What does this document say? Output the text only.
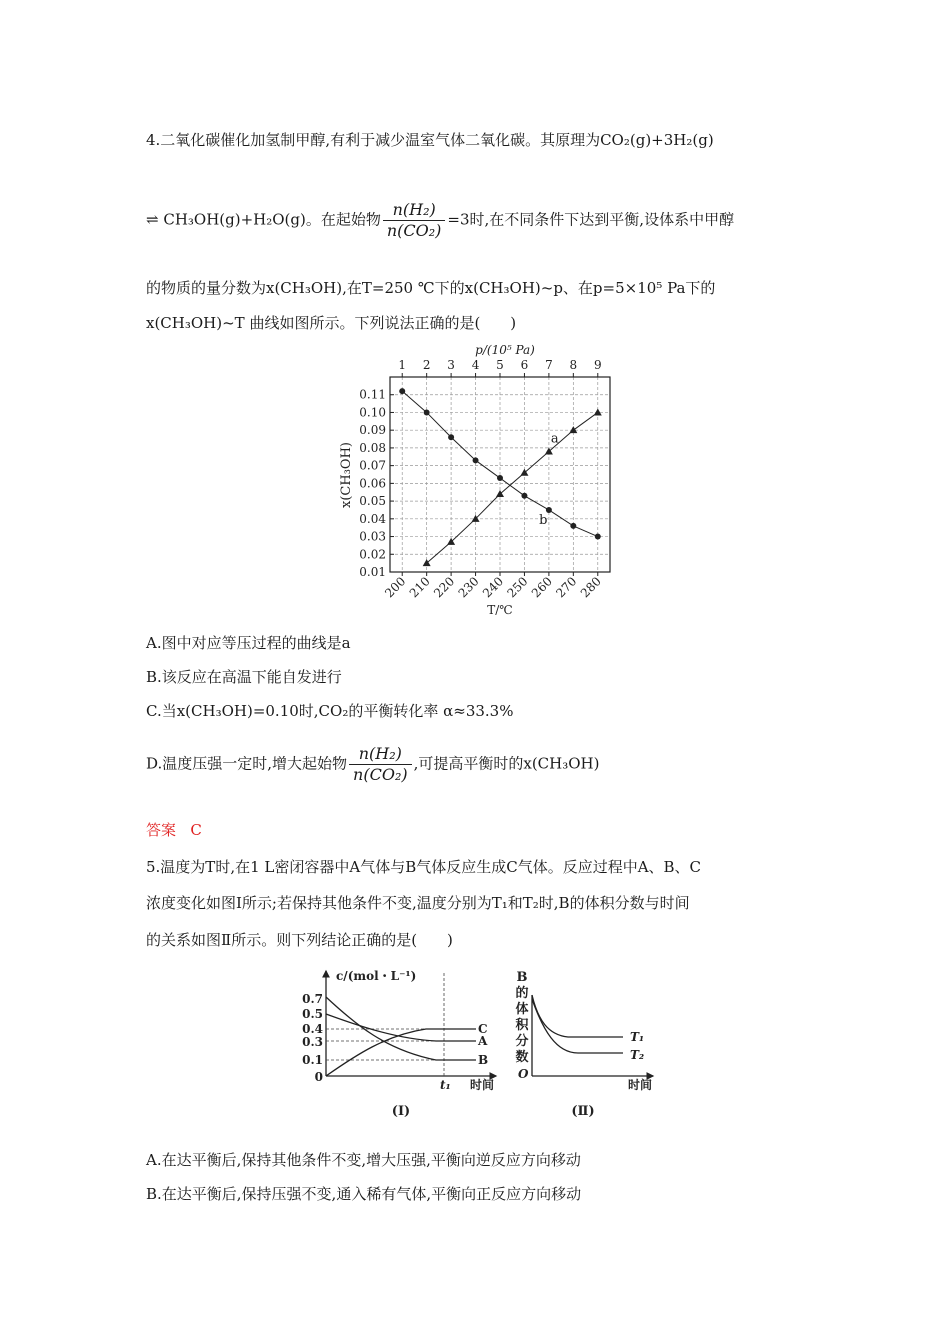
4.二氧化碳催化加氢制甲醇,有利于减少温室气体二氧化碳。其原理为CO₂(g)+3H₂(g)
⇌ CH₃OH(g)+H₂O(g)。在起始物 $\frac{\text{n(H₂)}}{\text{n(CO₂)}} =3$时,在不同条件下达到平衡,设体系中甲醇
的物质的量分数为x(CH₃OH),在T=250 ℃下的x(CH₃OH)~p、在p=5×10⁵ Pa下的
x(CH₃OH)~T 曲线如图所示。下列说法正确的是(　　)
200
1
210
2
220
3
230
4
240
5
250
6
260
7
270
8
280
9
0.01
0.02
0.03
0.04
0.05
0.06
0.07
0.08
0.09
0.10
0.11
a
b
p/(10⁵ Pa)
T/℃
x(CH₃OH)
A.图中对应等压过程的曲线是a
B.该反应在高温下能自发进行
C.当x(CH₃OH)=0.10时,CO₂的平衡转化率 α≈33.3%
D.温度压强一定时,增大起始物 $\frac{\text{n(H₂)}}{\text{n(CO₂)}}$ ,可提高平衡时的x(CH₃OH)
答案 C
5.温度为T时,在1 L密闭容器中A气体与B气体反应生成C气体。反应过程中A、B、C
浓度变化如图Ⅰ所示;若保持其他条件不变,温度分别为T₁和T₂时,B的体积分数与时间
的关系如图Ⅱ所示。则下列结论正确的是(　　)
c/(mol・L⁻¹)
0.7
0.5
0.4
0.3
0.1
0
C
A
B
t₁ 时间
(Ⅰ)
B
的
体
积
分
数
O
T₁
T₂
时间
(Ⅱ)
A.在达平衡后,保持其他条件不变,增大压强,平衡向逆反应方向移动
B.在达平衡后,保持压强不变,通入稀有气体,平衡向正反应方向移动
